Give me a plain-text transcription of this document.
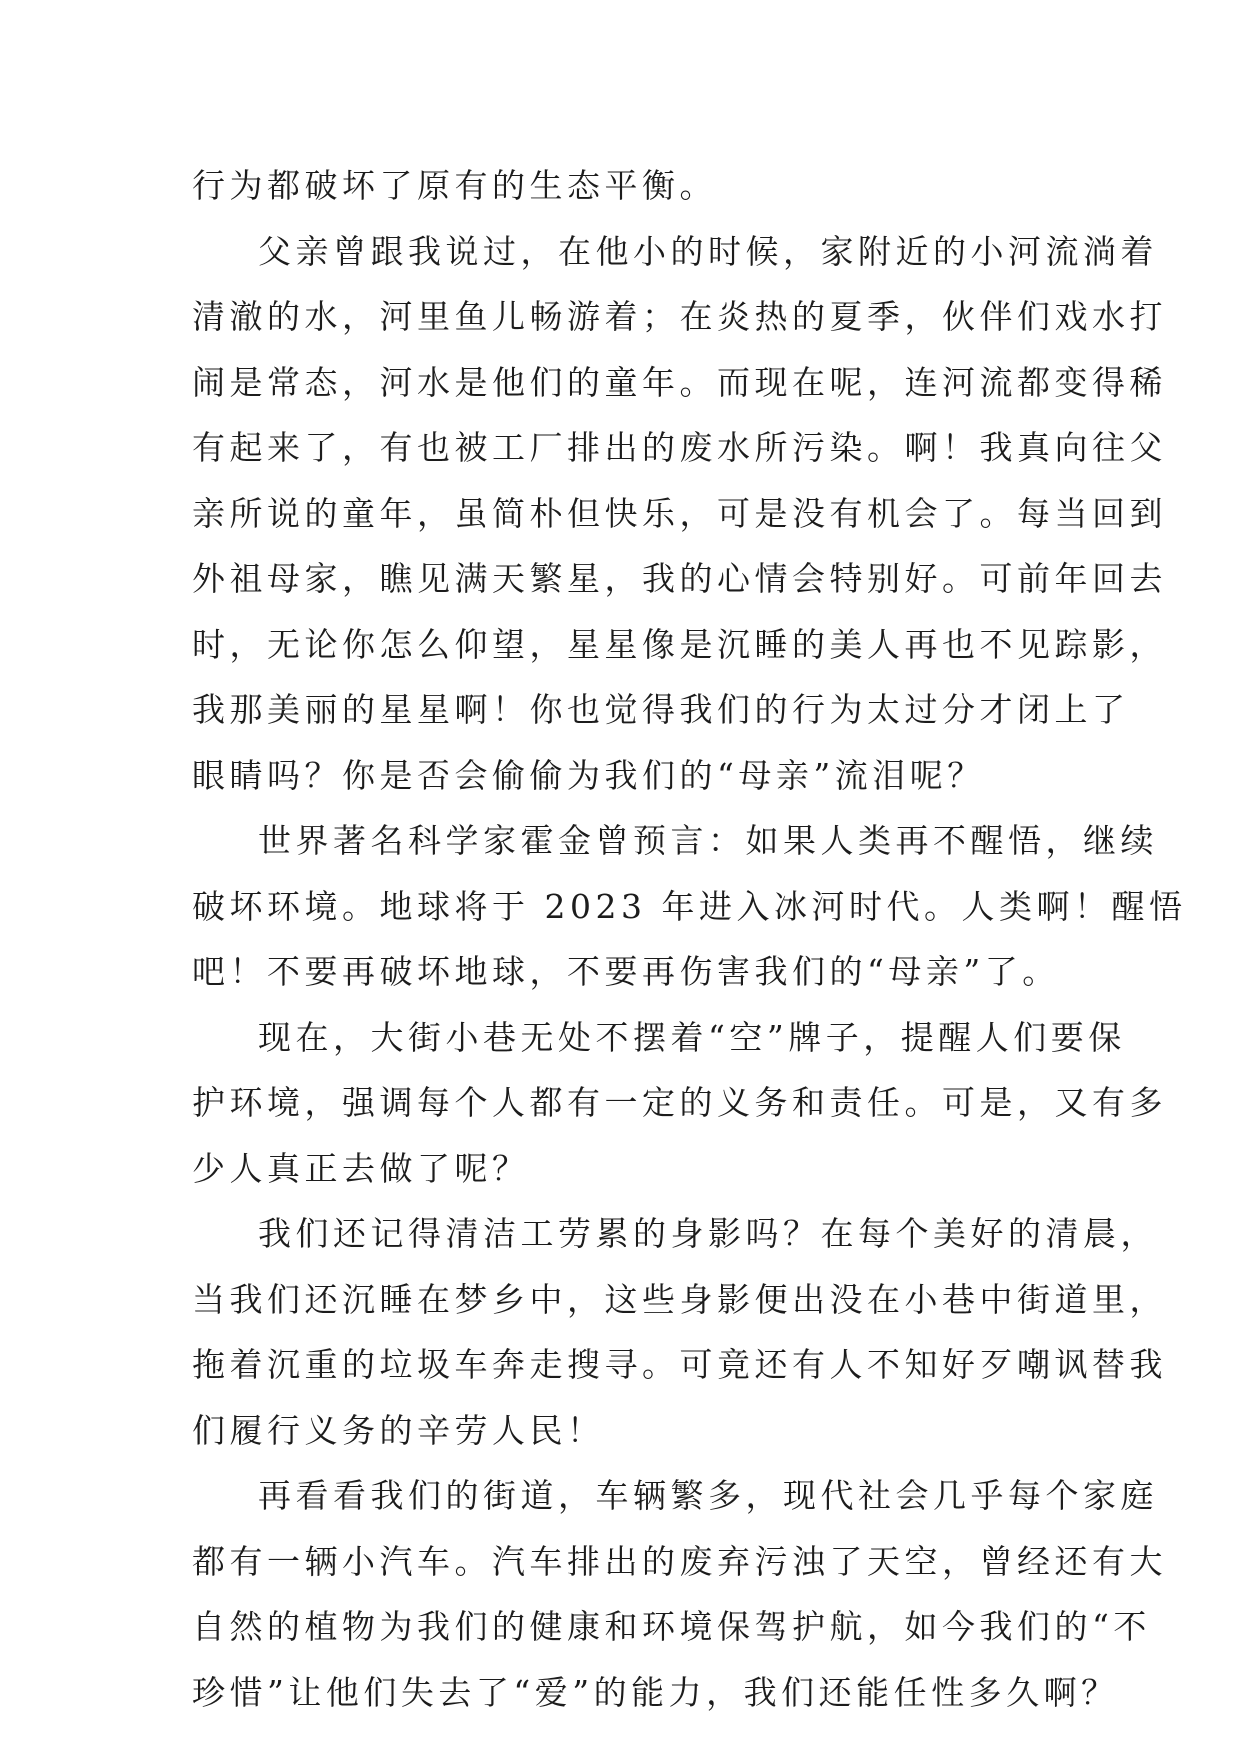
行为都破坏了原有的生态平衡。
父亲曾跟我说过，在他小的时候，家附近的小河流淌着
清澈的水，河里鱼儿畅游着；在炎热的夏季，伙伴们戏水打
闹是常态，河水是他们的童年。而现在呢，连河流都变得稀
有起来了，有也被工厂排出的废水所污染。啊！我真向往父
亲所说的童年，虽简朴但快乐，可是没有机会了。每当回到
外祖母家，瞧见满天繁星，我的心情会特别好。可前年回去
时，无论你怎么仰望，星星像是沉睡的美人再也不见踪影，
我那美丽的星星啊！你也觉得我们的行为太过分才闭上了
眼睛吗？你是否会偷偷为我们的“母亲”流泪呢？
世界著名科学家霍金曾预言：如果人类再不醒悟，继续
破坏环境。地球将于 2023 年进入冰河时代。人类啊！醒悟
吧！不要再破坏地球，不要再伤害我们的“母亲”了。
现在，大街小巷无处不摆着“空”牌子，提醒人们要保
护环境，强调每个人都有一定的义务和责任。可是，又有多
少人真正去做了呢？
我们还记得清洁工劳累的身影吗？在每个美好的清晨，
当我们还沉睡在梦乡中，这些身影便出没在小巷中街道里，
拖着沉重的垃圾车奔走搜寻。可竟还有人不知好歹嘲讽替我
们履行义务的辛劳人民！
再看看我们的街道，车辆繁多，现代社会几乎每个家庭
都有一辆小汽车。汽车排出的废弃污浊了天空，曾经还有大
自然的植物为我们的健康和环境保驾护航，如今我们的“不
珍惜”让他们失去了“爱”的能力，我们还能任性多久啊？
